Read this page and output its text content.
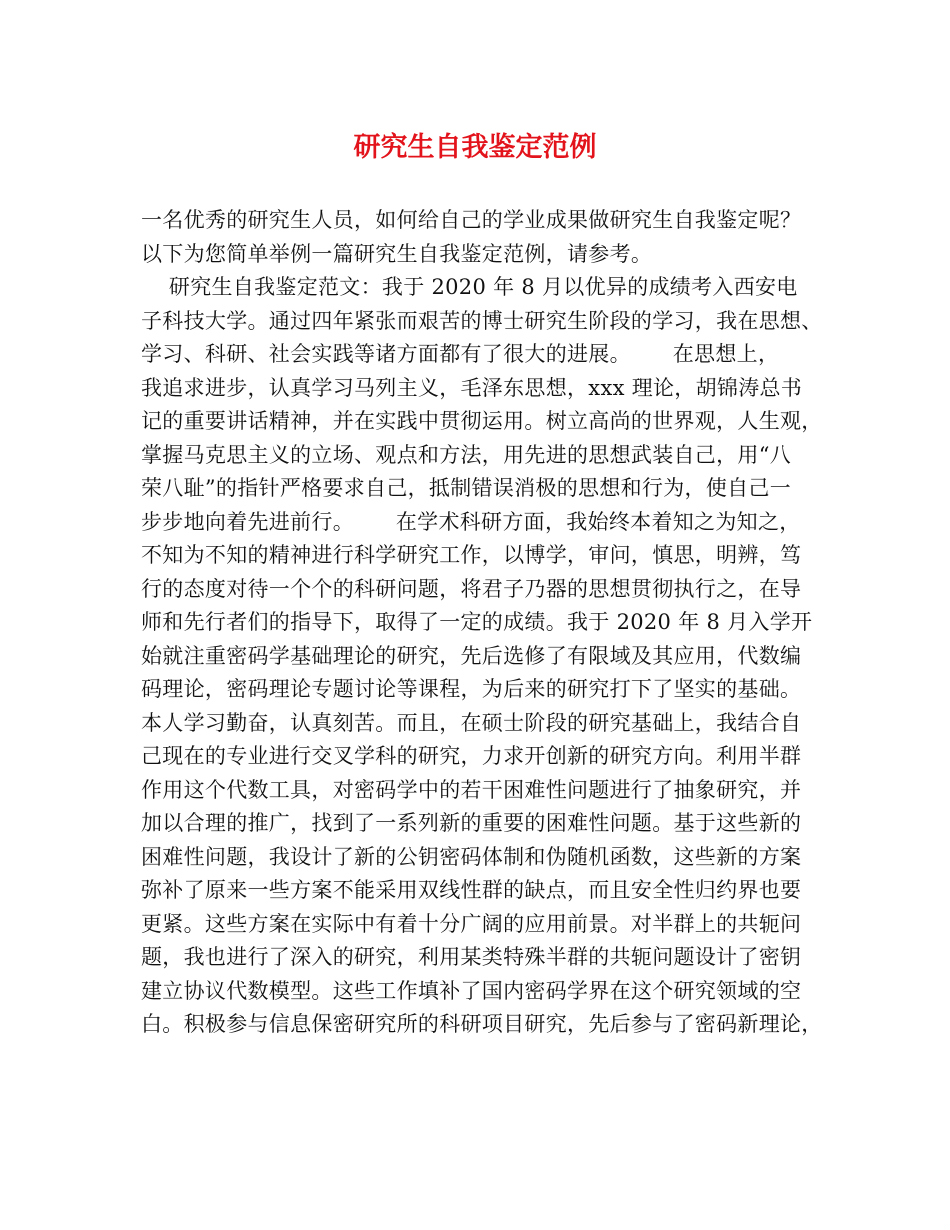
研究生自我鉴定范例
一名优秀的研究生人员，如何给自己的学业成果做研究生自我鉴定呢？
以下为您简单举例一篇研究生自我鉴定范例，请参考。
研究生自我鉴定范文：我于 2020 年 8 月以优异的成绩考入西安电
子科技大学。通过四年紧张而艰苦的博士研究生阶段的学习，我在思想、
学习、科研、社会实践等诸方面都有了很大的进展。      在思想上，
我追求进步，认真学习马列主义，毛泽东思想，xxx 理论，胡锦涛总书
记的重要讲话精神，并在实践中贯彻运用。树立高尚的世界观，人生观，
掌握马克思主义的立场、观点和方法，用先进的思想武装自己，用“八
荣八耻”的指针严格要求自己，抵制错误消极的思想和行为，使自己一
步步地向着先进前行。      在学术科研方面，我始终本着知之为知之，
不知为不知的精神进行科学研究工作，以博学，审问，慎思，明辨，笃
行的态度对待一个个的科研问题，将君子乃器的思想贯彻执行之，在导
师和先行者们的指导下，取得了一定的成绩。我于 2020 年 8 月入学开
始就注重密码学基础理论的研究，先后选修了有限域及其应用，代数编
码理论，密码理论专题讨论等课程，为后来的研究打下了坚实的基础。
本人学习勤奋，认真刻苦。而且，在硕士阶段的研究基础上，我结合自
己现在的专业进行交叉学科的研究，力求开创新的研究方向。利用半群
作用这个代数工具，对密码学中的若干困难性问题进行了抽象研究，并
加以合理的推广，找到了一系列新的重要的困难性问题。基于这些新的
困难性问题，我设计了新的公钥密码体制和伪随机函数，这些新的方案
弥补了原来一些方案不能采用双线性群的缺点，而且安全性归约界也要
更紧。这些方案在实际中有着十分广阔的应用前景。对半群上的共轭问
题，我也进行了深入的研究，利用某类特殊半群的共轭问题设计了密钥
建立协议代数模型。这些工作填补了国内密码学界在这个研究领域的空
白。积极参与信息保密研究所的科研项目研究，先后参与了密码新理论，
